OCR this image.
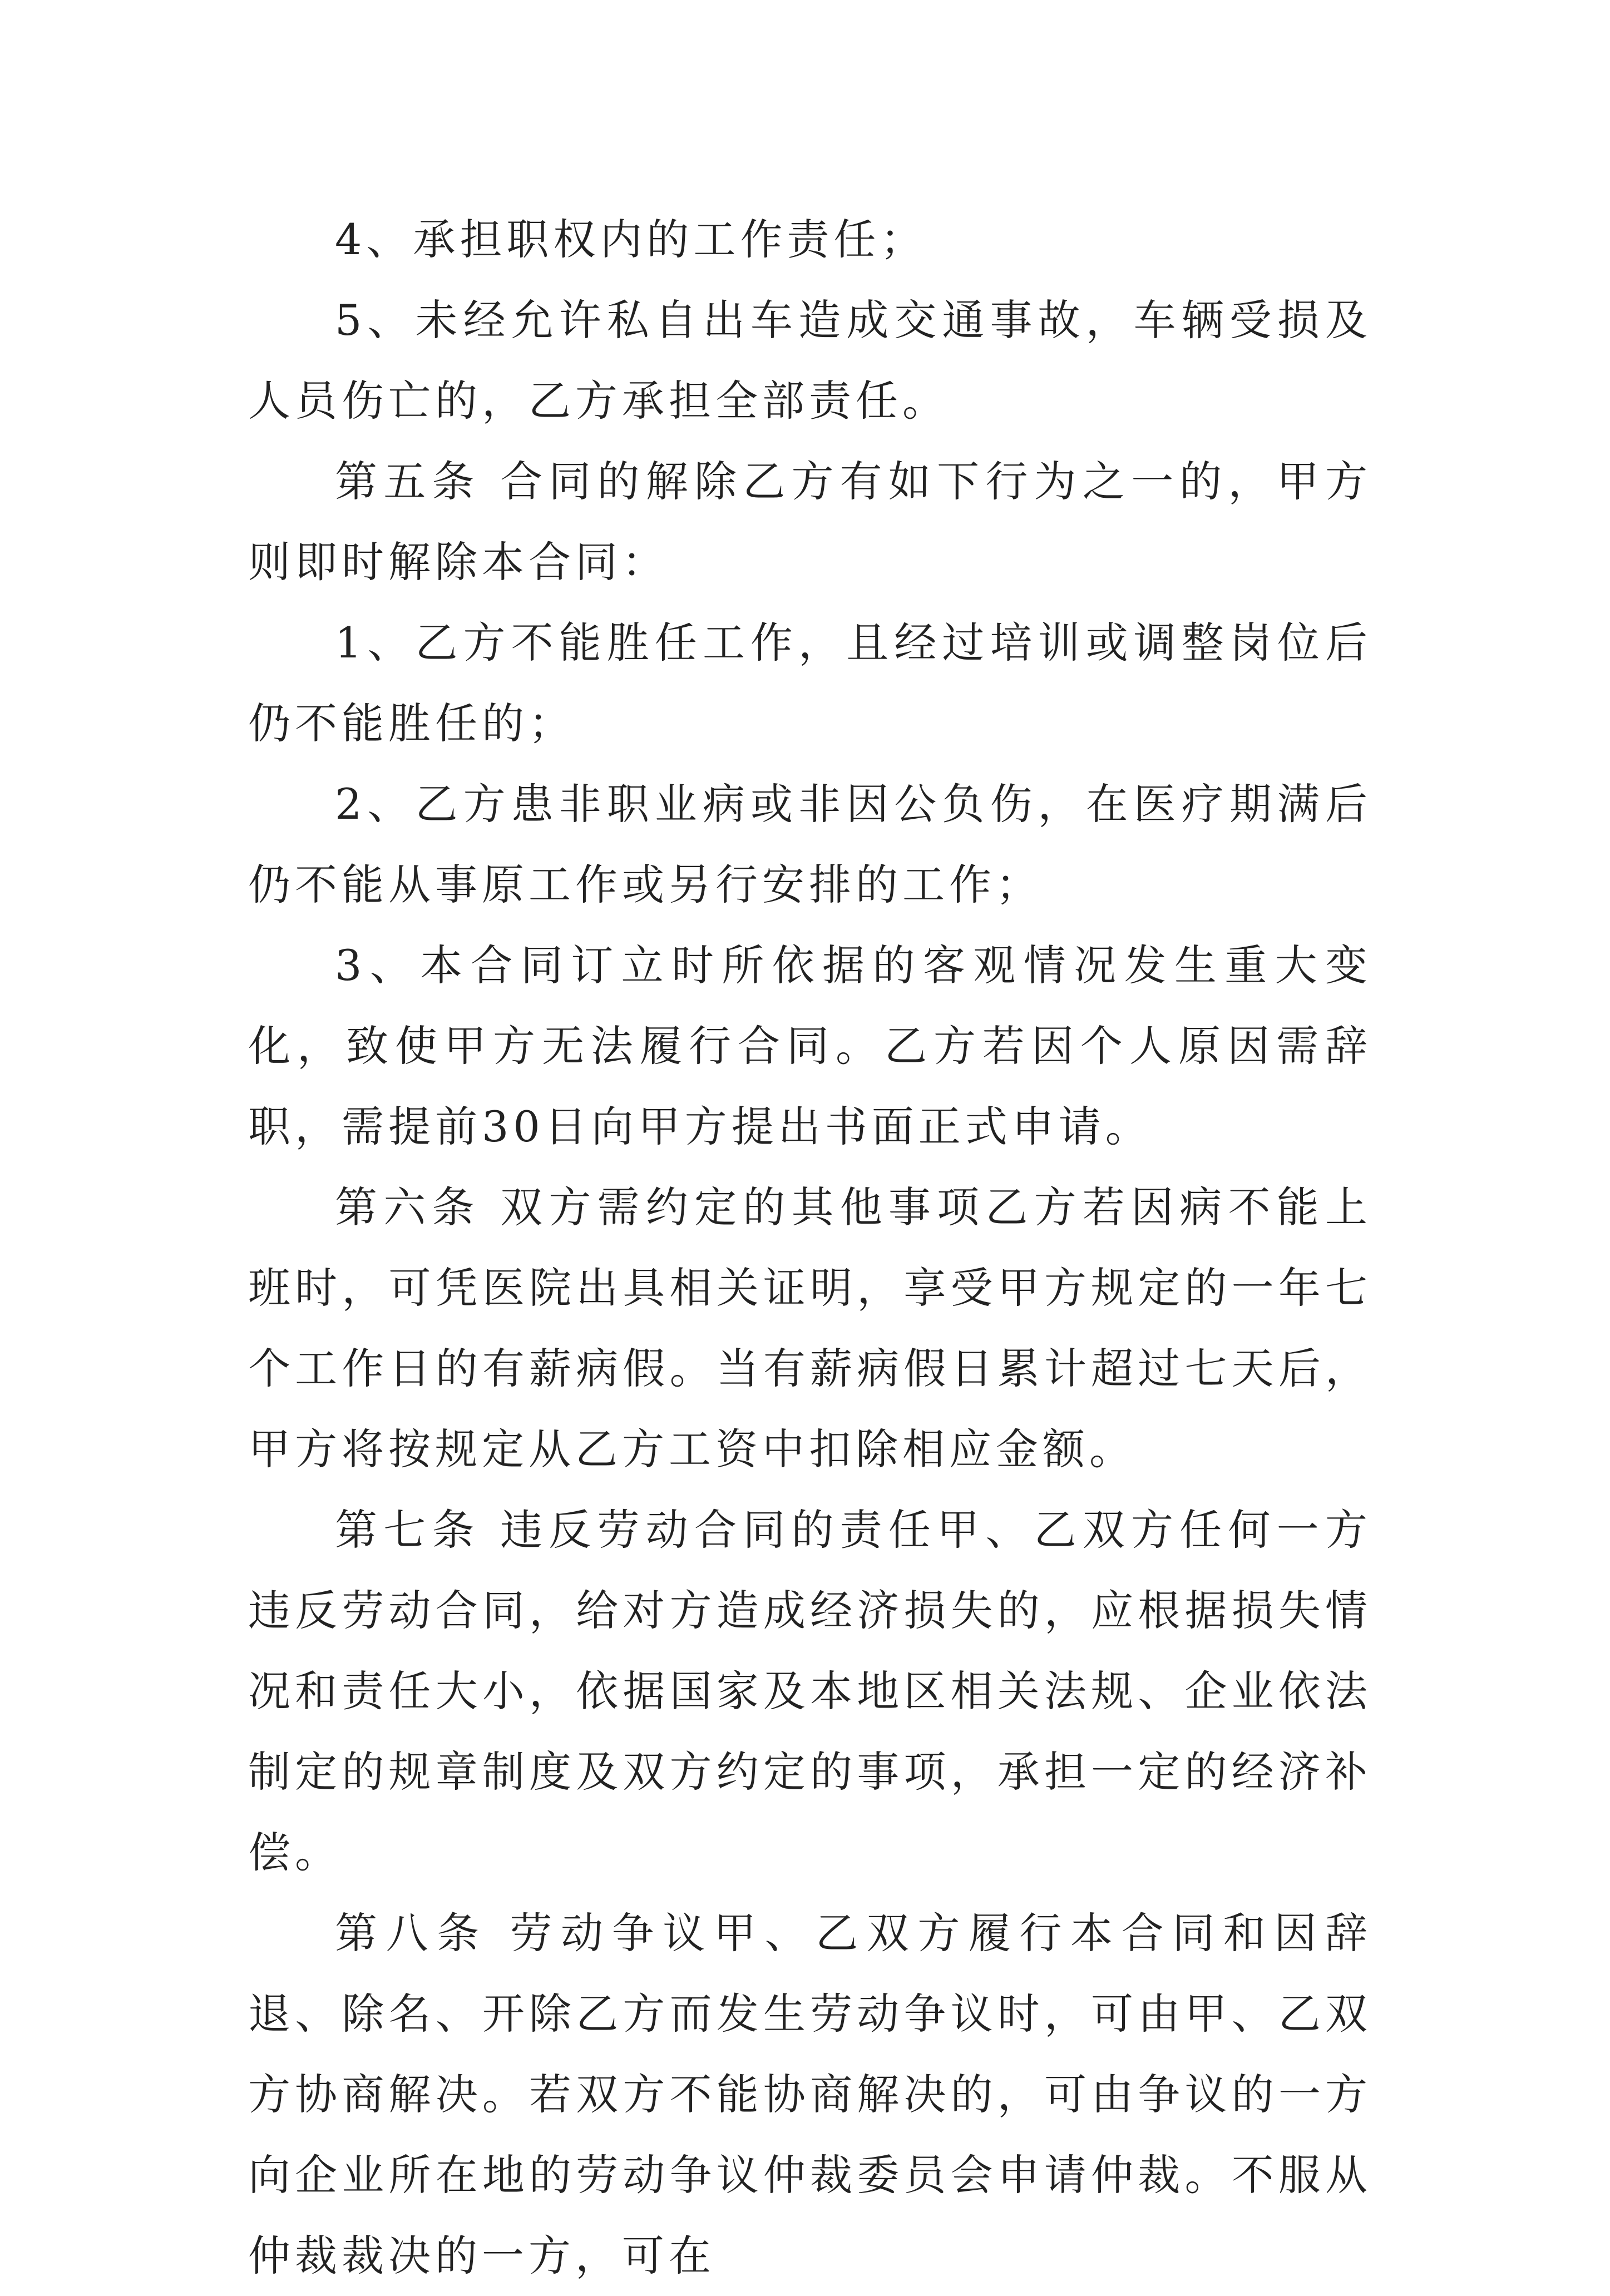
4、承担职权内的工作责任；

5、未经允许私自出车造成交通事故，车辆受损及人员伤亡的，乙方承担全部责任。

第五条 合同的解除乙方有如下行为之一的，甲方则即时解除本合同：

1、乙方不能胜任工作，且经过培训或调整岗位后仍不能胜任的；

2、乙方患非职业病或非因公负伤，在医疗期满后仍不能从事原工作或另行安排的工作；

3、本合同订立时所依据的客观情况发生重大变化，致使甲方无法履行合同。乙方若因个人原因需辞职，需提前30日向甲方提出书面正式申请。

第六条 双方需约定的其他事项乙方若因病不能上班时，可凭医院出具相关证明，享受甲方规定的一年七个工作日的有薪病假。当有薪病假日累计超过七天后，甲方将按规定从乙方工资中扣除相应金额。

第七条 违反劳动合同的责任甲、乙双方任何一方违反劳动合同，给对方造成经济损失的，应根据损失情况和责任大小，依据国家及本地区相关法规、企业依法制定的规章制度及双方约定的事项，承担一定的经济补偿。

第八条 劳动争议甲、乙双方履行本合同和因辞退、除名、开除乙方而发生劳动争议时，可由甲、乙双方协商解决。若双方不能协商解决的，可由争议的一方向企业所在地的劳动争议仲裁委员会申请仲裁。不服从仲裁裁决的一方，可在
